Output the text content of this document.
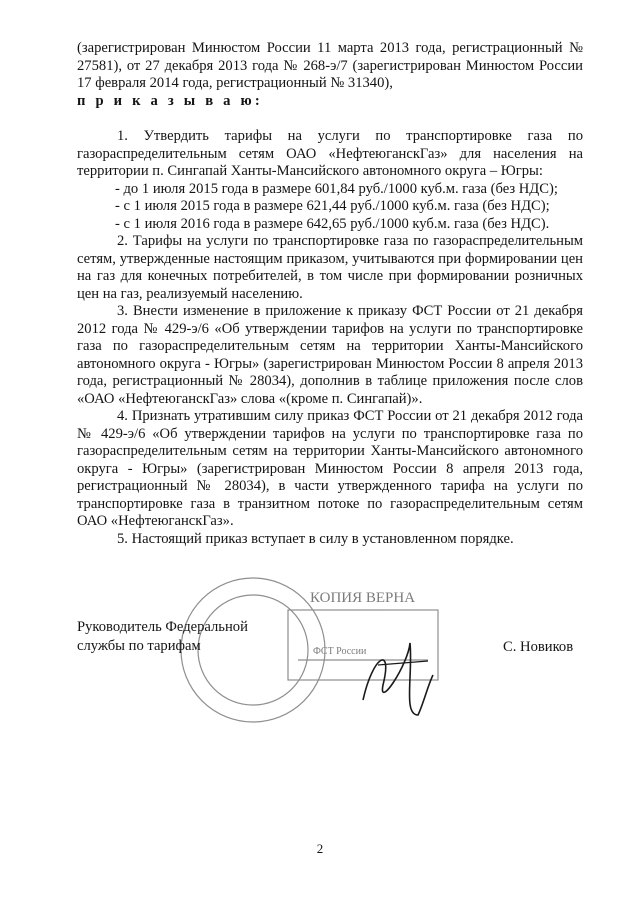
(зарегистрирован Минюстом России 11 марта 2013 года, регистрационный № 27581), от 27 декабря 2013 года № 268-э/7 (зарегистрирован Минюстом России 17 февраля 2014 года, регистрационный № 31340),

п р и к а з ы в а ю:

1. Утвердить тарифы на услуги по транспортировке газа по газораспределительным сетям ОАО «НефтеюганскГаз» для населения на территории п. Сингапай Ханты-Мансийского автономного округа – Югры:

- до 1 июля 2015 года в размере 601,84 руб./1000 куб.м. газа (без НДС);

- с 1 июля 2015 года в размере 621,44 руб./1000 куб.м. газа (без НДС);

- с 1 июля 2016 года в размере 642,65 руб./1000 куб.м. газа (без НДС).

2. Тарифы на услуги по транспортировке газа по газораспределительным сетям, утвержденные настоящим приказом, учитываются при формировании цен на газ для конечных потребителей, в том числе при формировании розничных цен на газ, реализуемый населению.

3. Внести изменение в приложение к приказу ФСТ России от 21 декабря 2012 года № 429-э/6 «Об утверждении тарифов на услуги по транспортировке газа по газораспределительным сетям на территории Ханты-Мансийского автономного округа - Югры» (зарегистрирован Минюстом России 8 апреля 2013 года, регистрационный № 28034), дополнив в таблице приложения после слов «ОАО «НефтеюганскГаз» слова «(кроме п. Сингапай)».

4. Признать утратившим силу приказ ФСТ России от 21 декабря 2012 года № 429-э/6 «Об утверждении тарифов на услуги по транспортировке газа по газораспределительным сетям на территории Ханты-Мансийского автономного округа - Югры» (зарегистрирован Минюстом России 8 апреля 2013 года, регистрационный № 28034), в части утвержденного тарифа на услуги по транспортировке газа в транзитном потоке по газораспределительным сетям ОАО «НефтеюганскГаз».

5. Настоящий приказ вступает в силу в установленном порядке.

КОПИЯ ВЕРНА
ФСТ России
Руководитель Федеральной
службы по тарифам	С. Новиков
2
